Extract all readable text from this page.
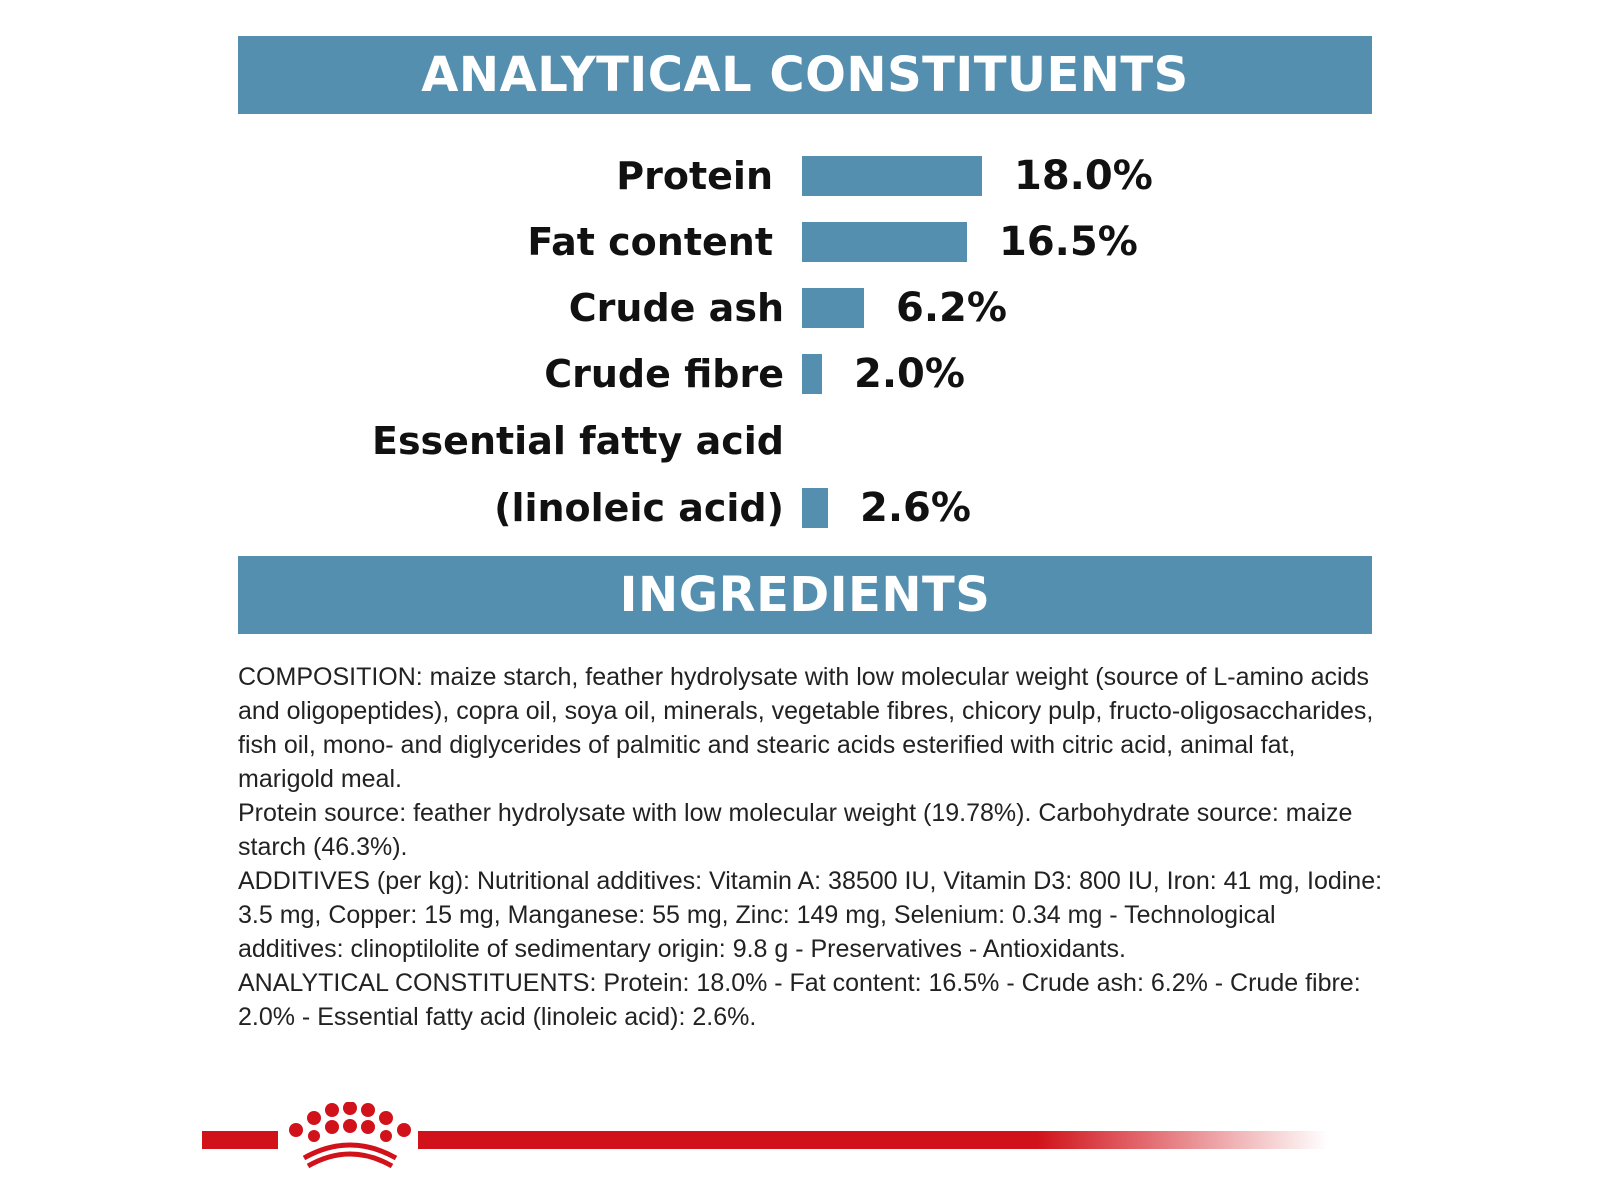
ANALYTICAL CONSTITUENTS
Protein	18.0%
Fat content	16.5%
Crude ash	6.2%
Crude fibre 2.0%
Essential fatty acid
(linoleic acid) 2.6%
INGREDIENTS

COMPOSITION: maize starch, feather hydrolysate with low molecular weight (source of L-amino acids and oligopeptides), copra oil, soya oil, minerals, vegetable fibres, chicory pulp, fructo-oligosaccharides, fish oil, mono- and diglycerides of palmitic and stearic acids esterified with citric acid, animal fat, marigold meal.

Protein source: feather hydrolysate with low molecular weight (19.78%). Carbohydrate source: maize starch (46.3%).

ADDITIVES (per kg): Nutritional additives: Vitamin A: 38500 IU, Vitamin D3: 800 IU, Iron: 41 mg, Iodine: 3.5 mg, Copper: 15 mg, Manganese: 55 mg, Zinc: 149 mg, Selenium: 0.34 mg - Technological additives: clinoptilolite of sedimentary origin: 9.8 g - Preservatives - Antioxidants.

ANALYTICAL CONSTITUENTS: Protein: 18.0% - Fat content: 16.5% - Crude ash: 6.2% - Crude fibre: 2.0% - Essential fatty acid (linoleic acid): 2.6%.
